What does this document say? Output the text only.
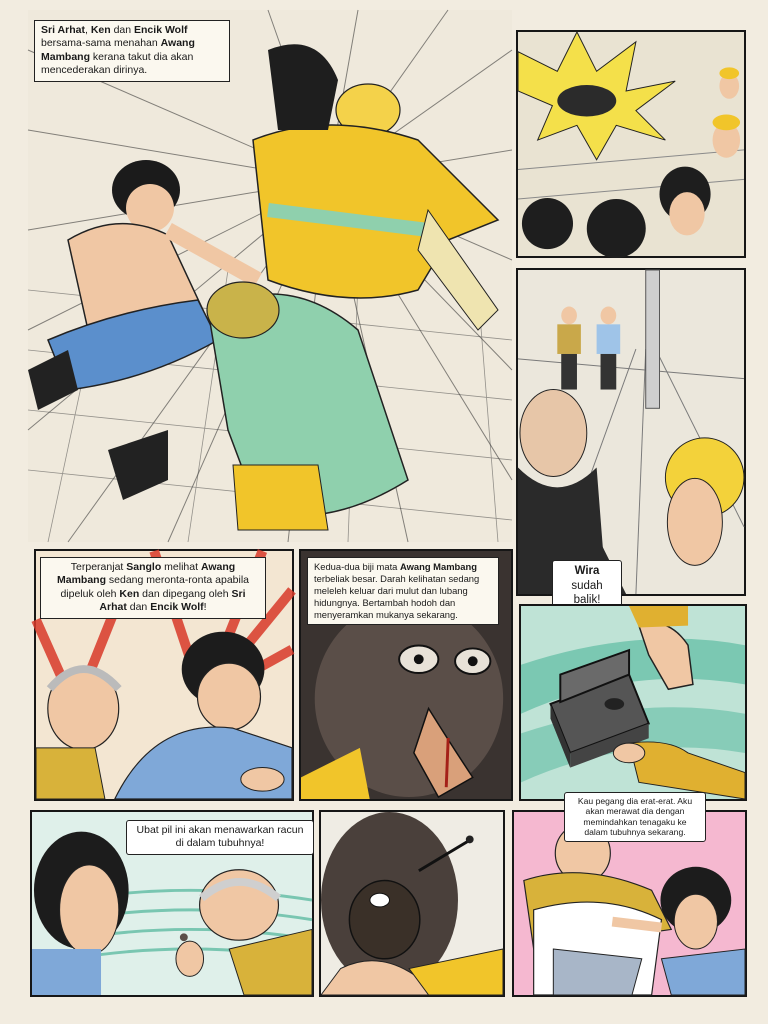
Sri Arhat, Ken dan Encik Wolf bersama-sama menahan Awang Mambang kerana takut dia akan mencederakan dirinya.
Wira sudah balik!
Terperanjat Sanglo melihat Awang Mambang sedang meronta-ronta apabila dipeluk oleh Ken dan dipegang oleh Sri Arhat dan Encik Wolf!
Kedua-dua biji mata Awang Mambang terbeliak besar. Darah kelihatan sedang meleleh keluar dari mulut dan lubang hidungnya. Bertambah hodoh dan menyeramkan mukanya sekarang.
Ubat pil ini akan menawarkan racun di dalam tubuhnya!
Kau pegang dia erat-erat. Aku akan merawat dia dengan memindahkan tenagaku ke dalam tubuhnya sekarang.
